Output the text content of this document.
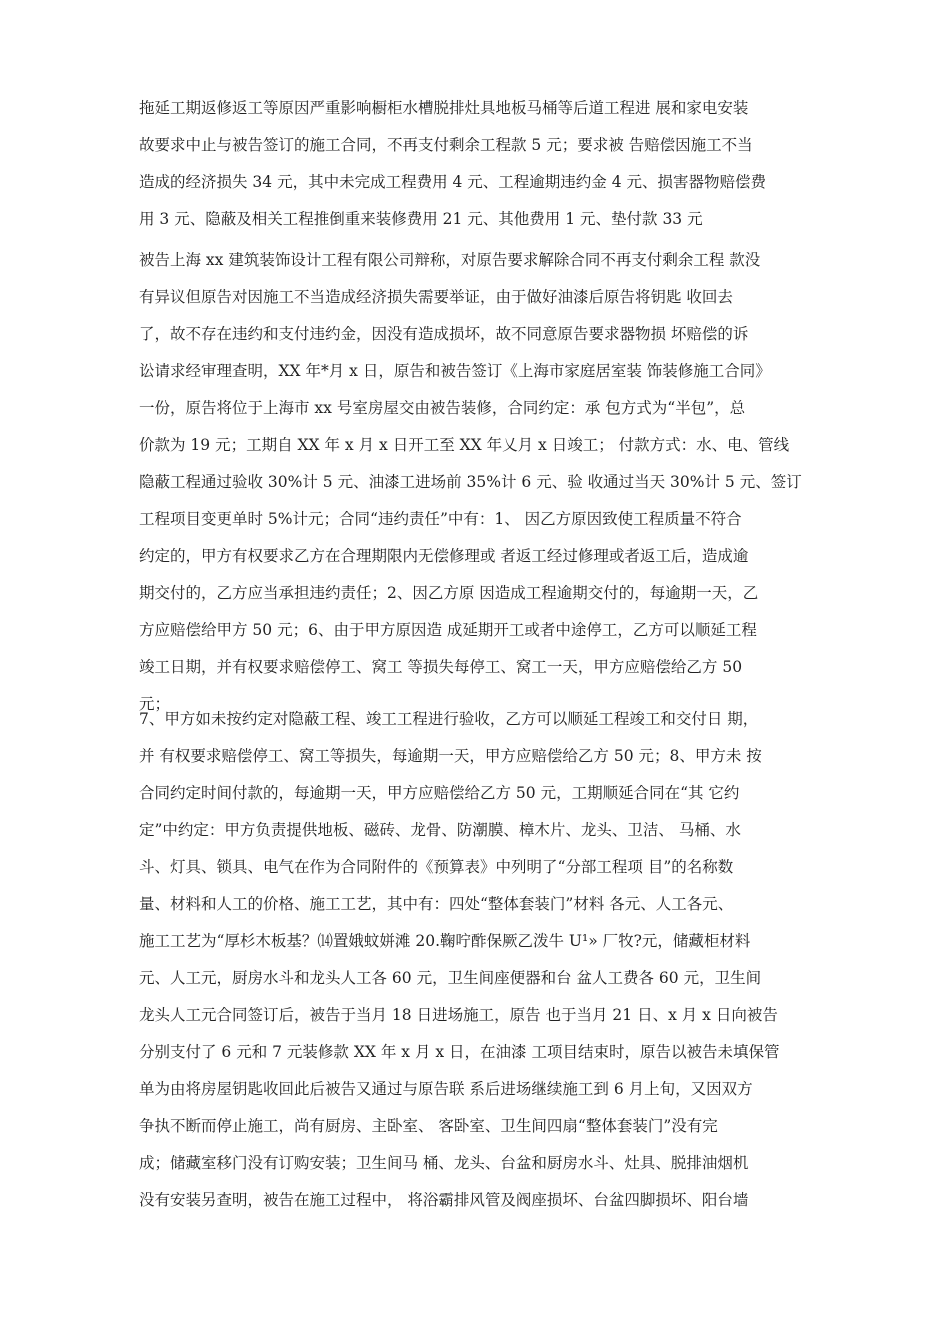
拖延工期返修返工等原因严重影响橱柜水槽脱排灶具地板马桶等后道工程进 展和家电安装
故要求中止与被告签订的施工合同，不再支付剩余工程款 5 元；要求被 告赔偿因施工不当
造成的经济损失 34 元，其中未完成工程费用 4 元、工程逾期违约金 4 元、损害器物赔偿费
用 3 元、隐蔽及相关工程推倒重来装修费用 21 元、其他费用 1 元、垫付款 33 元
被告上海 xx 建筑装饰设计工程有限公司辩称，对原告要求解除合同不再支付剩余工程 款没
有异议但原告对因施工不当造成经济损失需要举证，由于做好油漆后原告将钥匙 收回去
了，故不存在违约和支付违约金，因没有造成损坏，故不同意原告要求器物损 坏赔偿的诉
讼请求经审理查明，XX 年*月 x 日，原告和被告签订《上海市家庭居室装 饰装修施工合同》
一份，原告将位于上海市 xx 号室房屋交由被告装修，合同约定：承 包方式为“半包”，总
价款为 19 元；工期自 XX 年 x 月 x 日开工至 XX 年乂月 x 日竣工； 付款方式：水、电、管线
隐蔽工程通过验收 30%计 5 元、油漆工进场前 35%计 6 元、验 收通过当天 30%计 5 元、签订
工程项目变更单时 5%计元；合同“违约责任”中有：1、 因乙方原因致使工程质量不符合
约定的，甲方有权要求乙方在合理期限内无偿修理或 者返工经过修理或者返工后，造成逾
期交付的，乙方应当承担违约责任；2、因乙方原 因造成工程逾期交付的，每逾期一天，乙
方应赔偿给甲方 50 元；6、由于甲方原因造 成延期开工或者中途停工，乙方可以顺延工程
竣工日期，并有权要求赔偿停工、窝工 等损失每停工、窝工一天，甲方应赔偿给乙方 50
元；
7、甲方如未按约定对隐蔽工程、竣工工程进行验收，乙方可以顺延工程竣工和交付日 期，
并 有权要求赔偿停工、窝工等损失，每逾期一天，甲方应赔偿给乙方 50 元；8、甲方未 按
合同约定时间付款的，每逾期一天，甲方应赔偿给乙方 50 元，工期顺延合同在“其 它约
定”中约定：甲方负责提供地板、磁砖、龙骨、防潮膜、樟木片、龙头、卫洁、 马桶、水
斗、灯具、锁具、电气在作为合同附件的《预算表》中列明了“分部工程项 目”的名称数
量、材料和人工的价格、施工工艺，其中有：四处“整体套装门”材料 各元、人工各元、
施工工艺为“厚杉木板基？⒁置娥蚊姘滩 20.鞠咛酢保厥乙泼牛 U¹» 厂牧?元，储藏柜材料
元、人工元，厨房水斗和龙头人工各 60 元，卫生间座便器和台 盆人工费各 60 元，卫生间
龙头人工元合同签订后，被告于当月 18 日进场施工，原告 也于当月 21 日、x 月 x 日向被告
分别支付了 6 元和 7 元装修款 XX 年 x 月 x 日，在油漆 工项目结束时，原告以被告未填保管
单为由将房屋钥匙收回此后被告又通过与原告联 系后进场继续施工到 6 月上旬，又因双方
争执不断而停止施工，尚有厨房、主卧室、 客卧室、卫生间四扇“整体套装门”没有完
成；储藏室移门没有订购安装；卫生间马 桶、龙头、台盆和厨房水斗、灶具、脱排油烟机
没有安装另查明，被告在施工过程中， 将浴霸排风管及阀座损坏、台盆四脚损坏、阳台墙
